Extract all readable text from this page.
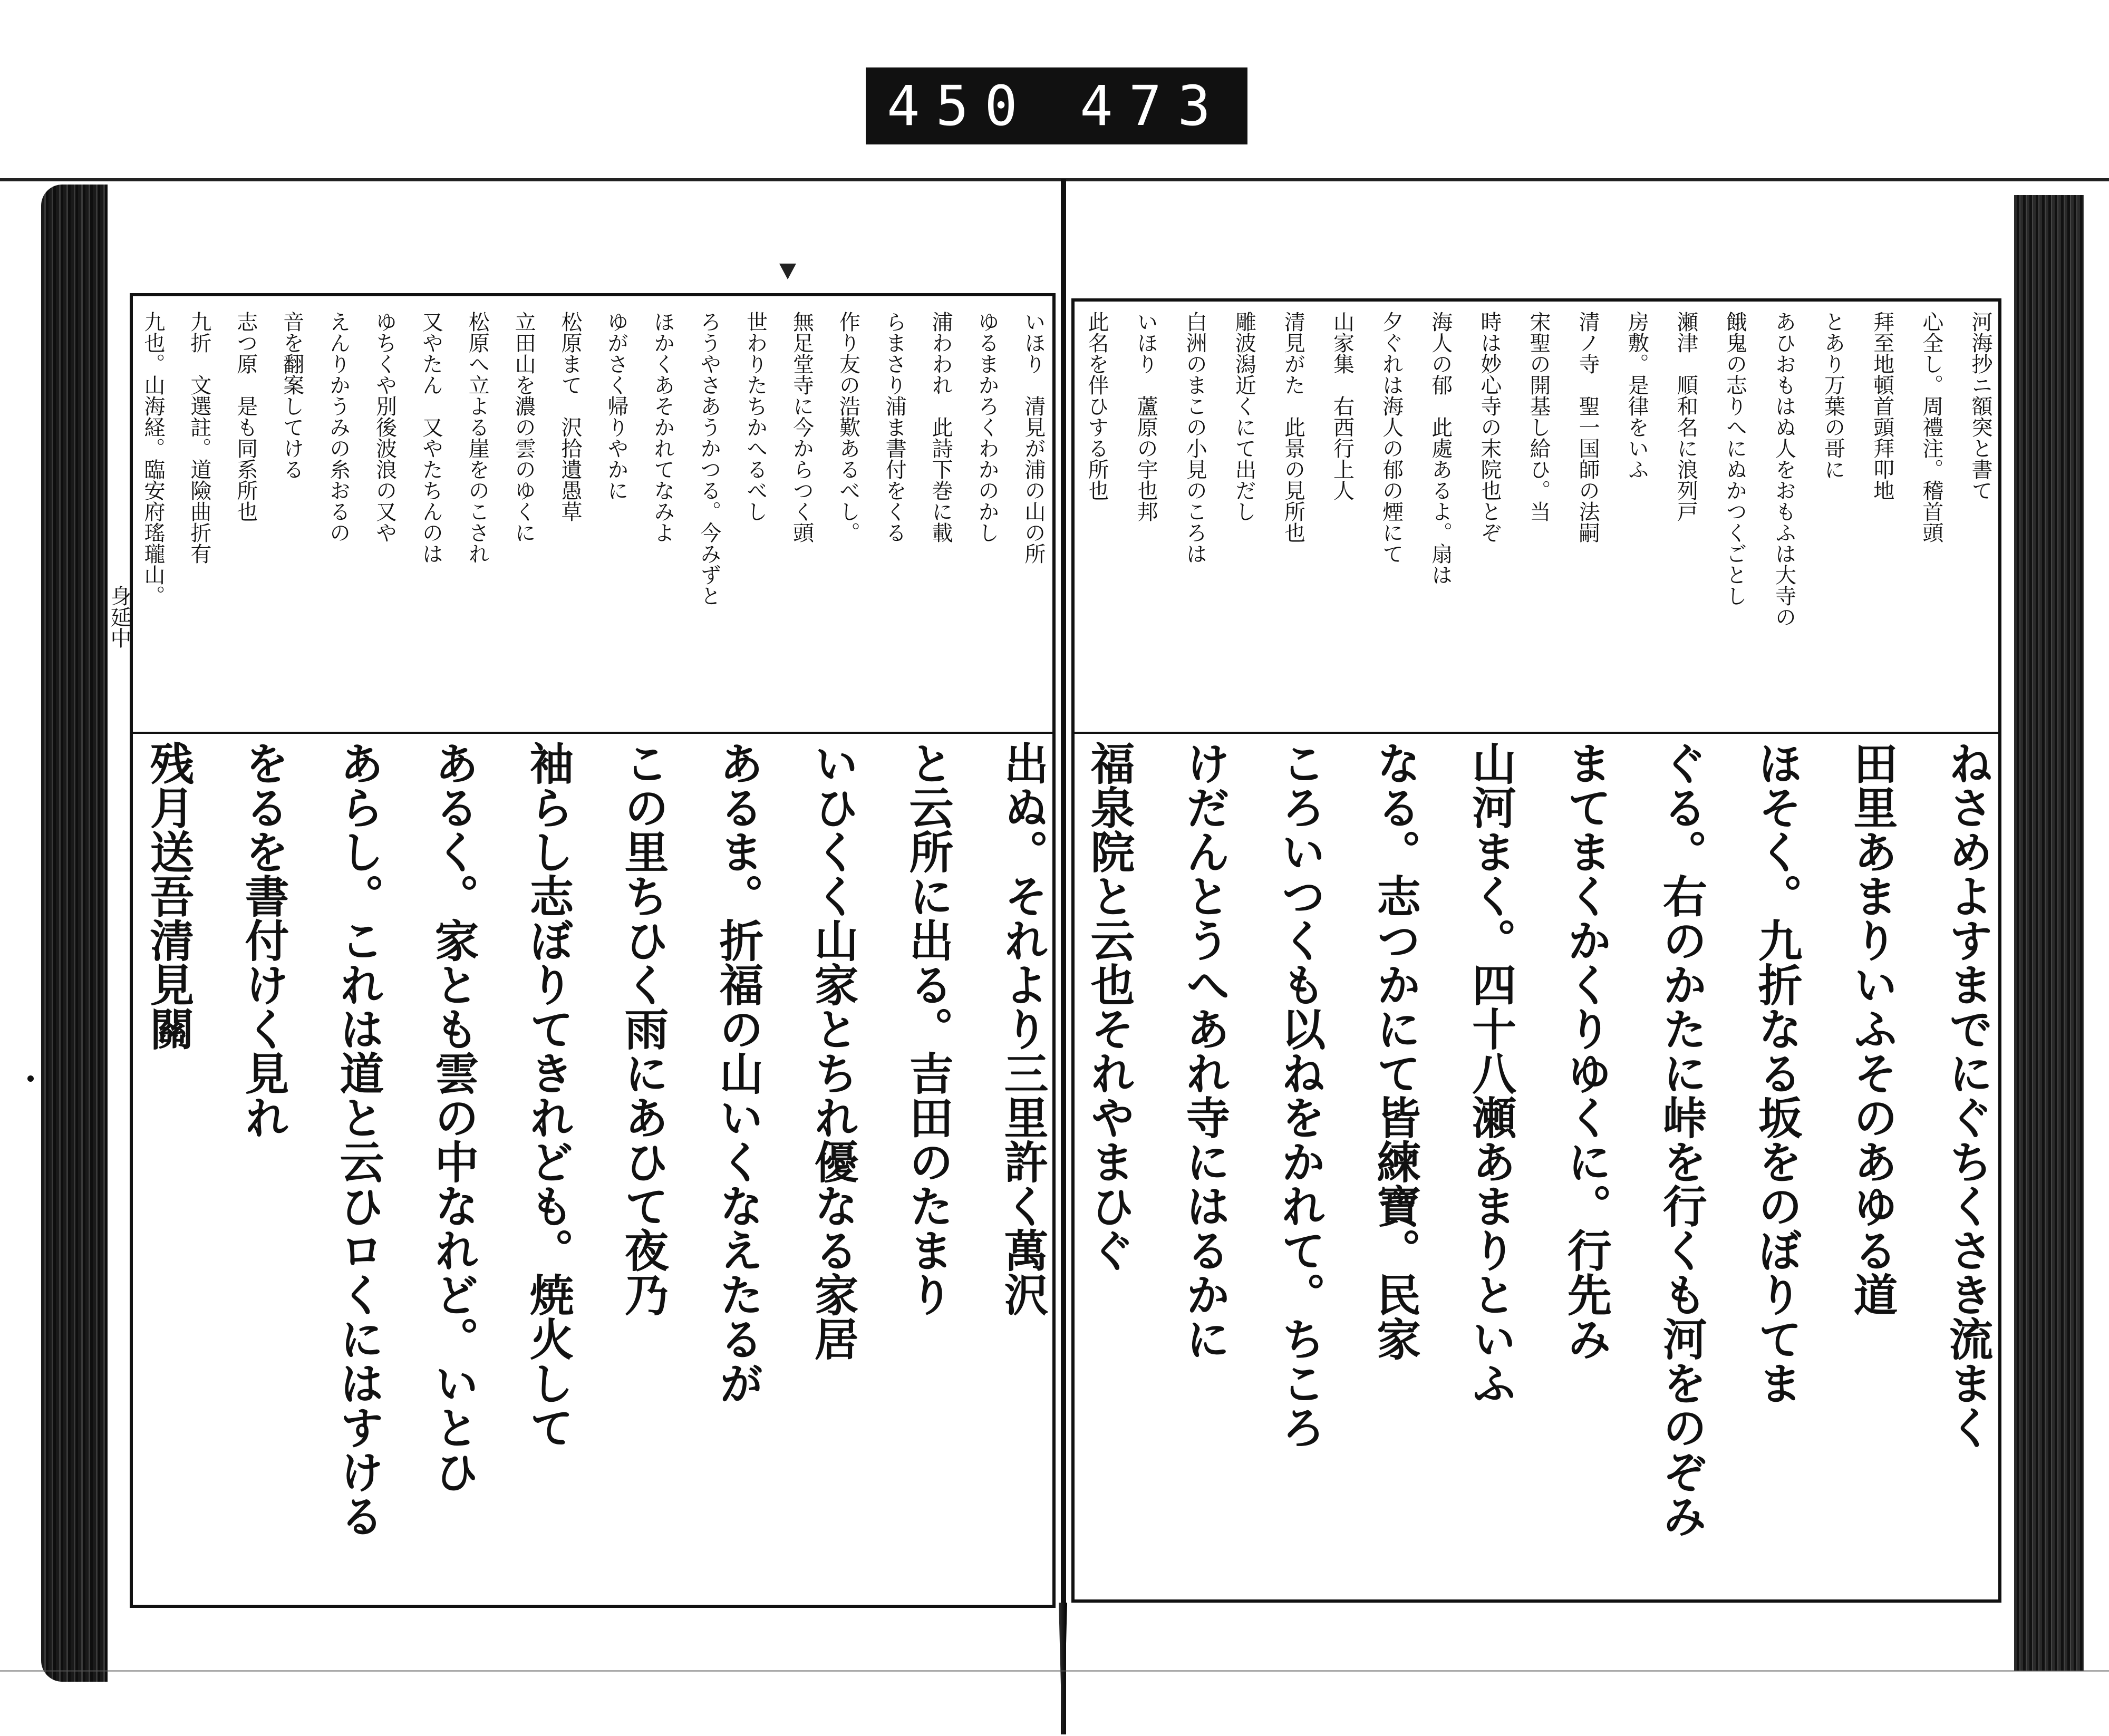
450 473
身延中
河海抄ニ額突と書て
心全し。周禮注。稽首頭
拜至地頓首頭拜叩地
とあり万葉の哥に
あひおもはぬ人をおもふは大寺の
餓鬼の志りへにぬかつくごとし
瀬津　順和名に浪列戸
房敷。是律をいふ
清ノ寺　聖一国師の法嗣
宋聖の開基し給ひ。当
時は妙心寺の末院也とぞ
海人の郁　此處あるよ。扇は
夕ぐれは海人の郁の煙にて
山家集　右西行上人
清見がた　此景の見所也
雕波潟近くにて出だし
白洲のまこの小見のころは
いほり　蘆原の宇也邦
此名を伴ひする所也
ねさめよすまでにぐちくさき流まく
田里あまりいふそのあゆる道
ほそく。九折なる坂をのぼりてま
ぐる。右のかたに峠を行くも河をのぞみ
まてまくかくりゆくに。行先み
山河まく。四十八瀬あまりといふ
なる。志つかにて皆練寶。民家
ころいつくも以ねをかれて。ちころ
けだんとうへあれ寺にはるかに
福泉院と云也それやまひぐ
いほり　清見が浦の山の所
ゆるまかろくわかのかし
浦わわれ　此詩下巻に載
らまさり浦ま書付をくる
作り友の浩歎あるべし。
無足堂寺に今からつく頭
世わりたちかへるべし
ろうやさあうかつる。今みずと
ほかくあそかれてなみよ
ゆがさく帰りやかに
松原まて　沢拾遺愚草
立田山を濃の雲のゆくに
松原へ立よる崖をのこされ
又やたん　又やたちんのは
ゆちくや別後波浪の又や
えんりかうみの糸おるの
音を翻案してける
志つ原　是も同系所也
九折　文選註。道險曲折有
九也。山海経。臨安府瑤瓏山。
出ぬ。それより三里許く萬沢
と云所に出る。吉田のたまり
いひくく山家とちれ優なる家居
あるま。折福の山いくなえたるが
この里ちひく雨にあひて夜乃
袖らし志ぼりてきれども。焼火して
あるく。家とも雲の中なれど。いとひ
あらし。これは道と云ひロくにはすける
をるを書付けく見れ
残月送吾清見關
